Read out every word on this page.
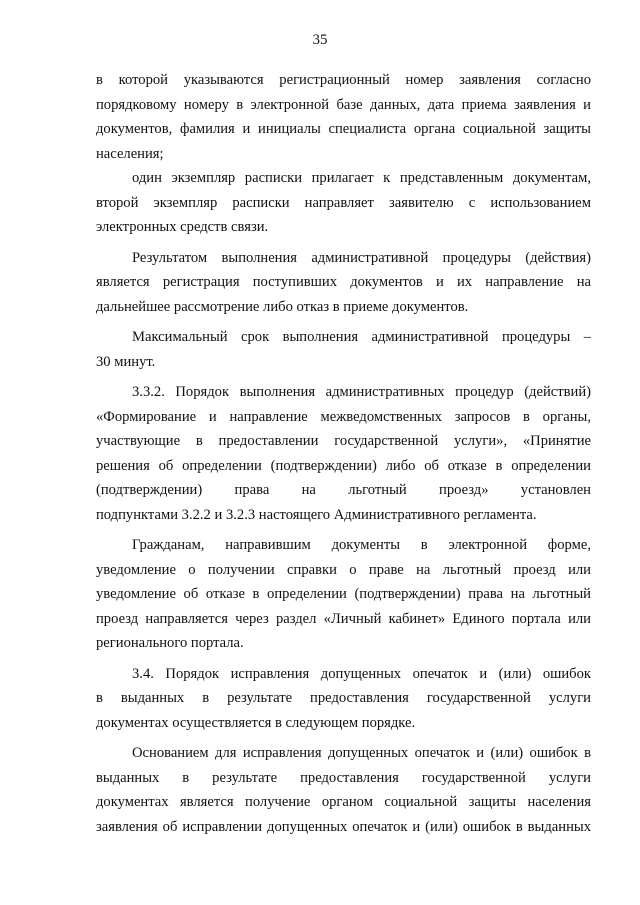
35
в которой указываются регистрационный номер заявления согласно
порядковому номеру в электронной базе данных, дата приема заявления и
документов, фамилия и инициалы специалиста органа социальной защиты
населения;
один экземпляр расписки прилагает к представленным документам,
второй экземпляр расписки направляет заявителю с использованием
электронных средств связи.
Результатом выполнения административной процедуры (действия)
является регистрация поступивших документов и их направление на
дальнейшее рассмотрение либо отказ в приеме документов.
Максимальный срок выполнения административной процедуры –
30 минут.
3.3.2. Порядок выполнения административных процедур (действий)
«Формирование и направление межведомственных запросов в органы,
участвующие в предоставлении государственной услуги», «Принятие
решения об определении (подтверждении) либо об отказе в определении
(подтверждении) права на льготный проезд» установлен
подпунктами 3.2.2 и 3.2.3 настоящего Административного регламента.
Гражданам, направившим документы в электронной форме,
уведомление о получении справки о праве на льготный проезд или
уведомление об отказе в определении (подтверждении) права на льготный
проезд направляется через раздел «Личный кабинет» Единого портала или
регионального портала.
3.4. Порядок исправления допущенных опечаток и (или) ошибок
в выданных в результате предоставления государственной услуги
документах осуществляется в следующем порядке.
Основанием для исправления допущенных опечаток и (или) ошибок в
выданных в результате предоставления государственной услуги
документах является получение органом социальной защиты населения
заявления об исправлении допущенных опечаток и (или) ошибок в выданных
